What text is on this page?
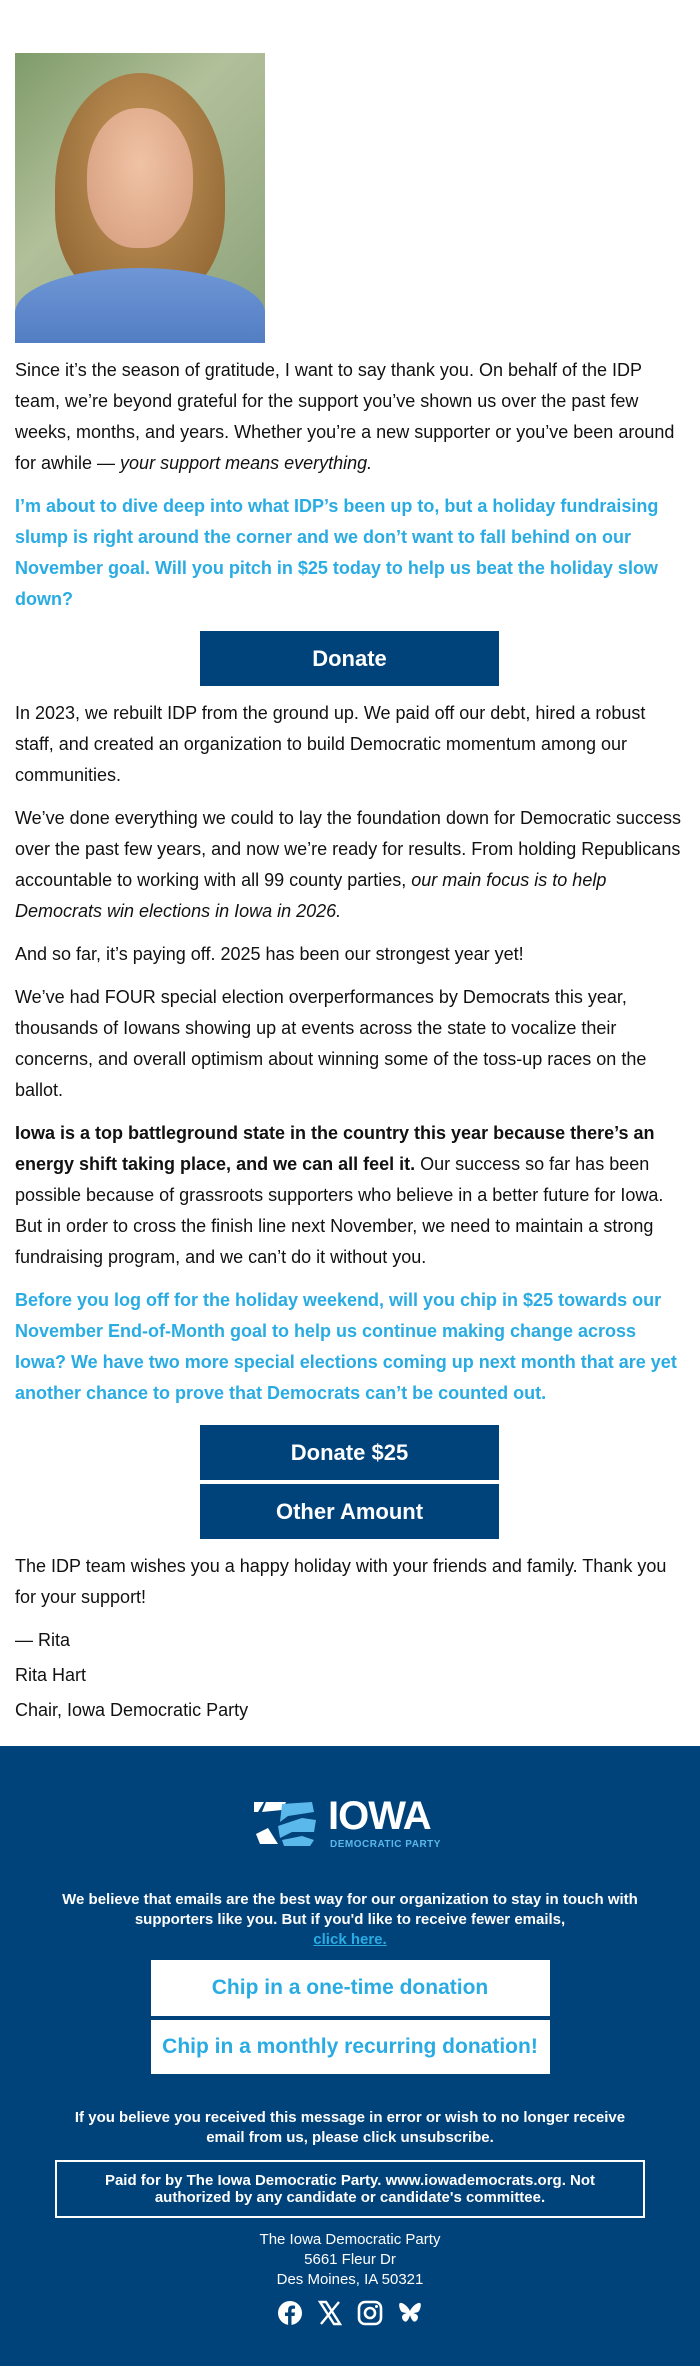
Since it’s the season of gratitude, I want to say thank you. On behalf of the IDP team, we’re beyond grateful for the support you’ve shown us over the past few weeks, months, and years. Whether you’re a new supporter or you’ve been around for awhile — your support means everything.

I’m about to dive deep into what IDP’s been up to, but a holiday fundraising slump is right around the corner and we don’t want to fall behind on our November goal. Will you pitch in $25 today to help us beat the holiday slow down?

Donate

In 2023, we rebuilt IDP from the ground up. We paid off our debt, hired a robust staff, and created an organization to build Democratic momentum among our communities.

We’ve done everything we could to lay the foundation down for Democratic success over the past few years, and now we’re ready for results. From holding Republicans accountable to working with all 99 county parties, our main focus is to help Democrats win elections in Iowa in 2026.

And so far, it’s paying off. 2025 has been our strongest year yet!

We’ve had FOUR special election overperformances by Democrats this year, thousands of Iowans showing up at events across the state to vocalize their concerns, and overall optimism about winning some of the toss-up races on the ballot.

Iowa is a top battleground state in the country this year because there’s an energy shift taking place, and we can all feel it. Our success so far has been possible because of grassroots supporters who believe in a better future for Iowa. But in order to cross the finish line next November, we need to maintain a strong fundraising program, and we can’t do it without you.

Before you log off for the holiday weekend, will you chip in $25 towards our November End-of-Month goal to help us continue making change across Iowa? We have two more special elections coming up next month that are yet another chance to prove that Democrats can’t be counted out.

Donate $25
Other Amount

The IDP team wishes you a happy holiday with your friends and family. Thank you for your support!

— Rita

Rita Hart

Chair, Iowa Democratic Party

IOWA
DEMOCRATIC PARTY
We believe that emails are the best way for our organization to stay in touch with supporters like you. But if you'd like to receive fewer emails,
click here.
Chip in a one-time donation
Chip in a monthly recurring donation!
If you believe you received this message in error or wish to no longer receive email from us, please click unsubscribe.
Paid for by The Iowa Democratic Party. www.iowademocrats.org. Not authorized by any candidate or candidate's committee.
The Iowa Democratic Party
5661 Fleur Dr
Des Moines, IA 50321
